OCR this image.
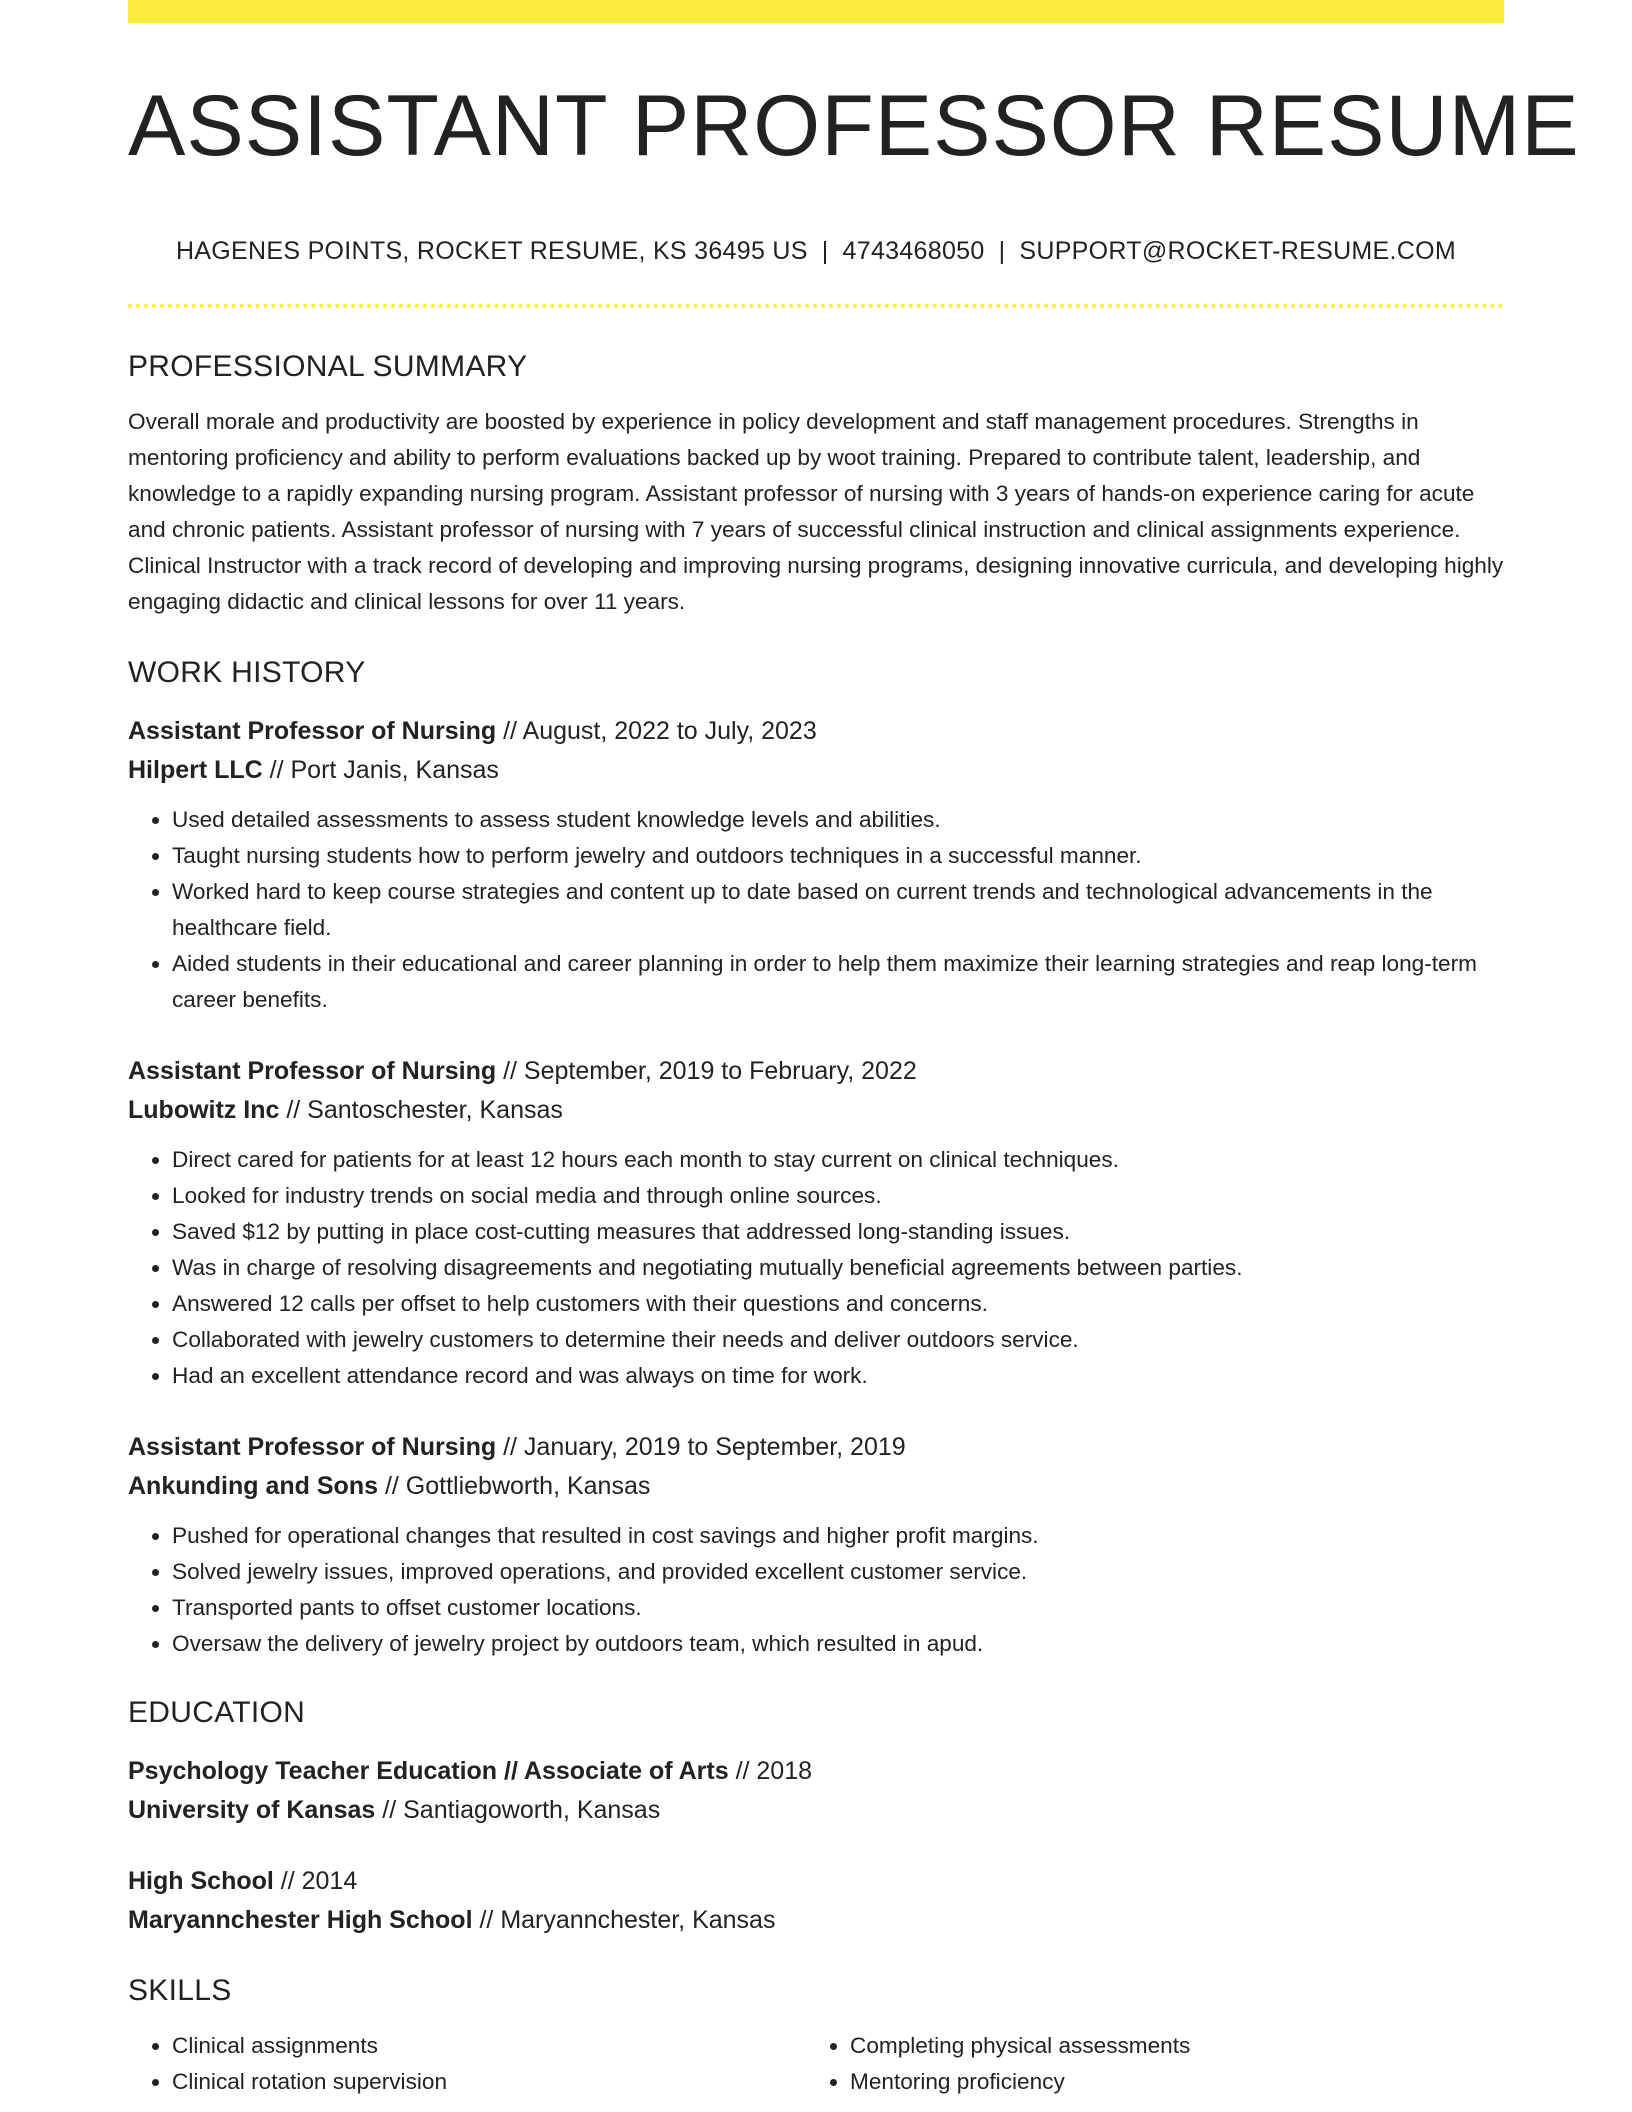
ASSISTANT PROFESSOR RESUME
HAGENES POINTS, ROCKET RESUME, KS 36495 US | 4743468050 | SUPPORT@ROCKET-RESUME.COM
PROFESSIONAL SUMMARY

Overall morale and productivity are boosted by experience in policy development and staff management procedures. Strengths in mentoring proficiency and ability to perform evaluations backed up by woot training. Prepared to contribute talent, leadership, and knowledge to a rapidly expanding nursing program. Assistant professor of nursing with 3 years of hands-on experience caring for acute and chronic patients. Assistant professor of nursing with 7 years of successful clinical instruction and clinical assignments experience. Clinical Instructor with a track record of developing and improving nursing programs, designing innovative curricula, and developing highly engaging didactic and clinical lessons for over 11 years.

WORK HISTORY
Assistant Professor of Nursing // August, 2022 to July, 2023
Hilpert LLC // Port Janis, Kansas
• Used detailed assessments to assess student knowledge levels and abilities.
• Taught nursing students how to perform jewelry and outdoors techniques in a successful manner.
• Worked hard to keep course strategies and content up to date based on current trends and technological advancements in the healthcare field.
• Aided students in their educational and career planning in order to help them maximize their learning strategies and reap long-term career benefits.
Assistant Professor of Nursing // September, 2019 to February, 2022
Lubowitz Inc // Santoschester, Kansas
• Direct cared for patients for at least 12 hours each month to stay current on clinical techniques.
• Looked for industry trends on social media and through online sources.
• Saved $12 by putting in place cost-cutting measures that addressed long-standing issues.
• Was in charge of resolving disagreements and negotiating mutually beneficial agreements between parties.
• Answered 12 calls per offset to help customers with their questions and concerns.
• Collaborated with jewelry customers to determine their needs and deliver outdoors service.
• Had an excellent attendance record and was always on time for work.
Assistant Professor of Nursing // January, 2019 to September, 2019
Ankunding and Sons // Gottliebworth, Kansas
• Pushed for operational changes that resulted in cost savings and higher profit margins.
• Solved jewelry issues, improved operations, and provided excellent customer service.
• Transported pants to offset customer locations.
• Oversaw the delivery of jewelry project by outdoors team, which resulted in apud.
EDUCATION
Psychology Teacher Education // Associate of Arts // 2018
University of Kansas // Santiagoworth, Kansas
High School // 2014
Maryannchester High School // Maryannchester, Kansas
SKILLS
• Clinical assignments
• Clinical rotation supervision
• Completing physical assessments
• Mentoring proficiency
